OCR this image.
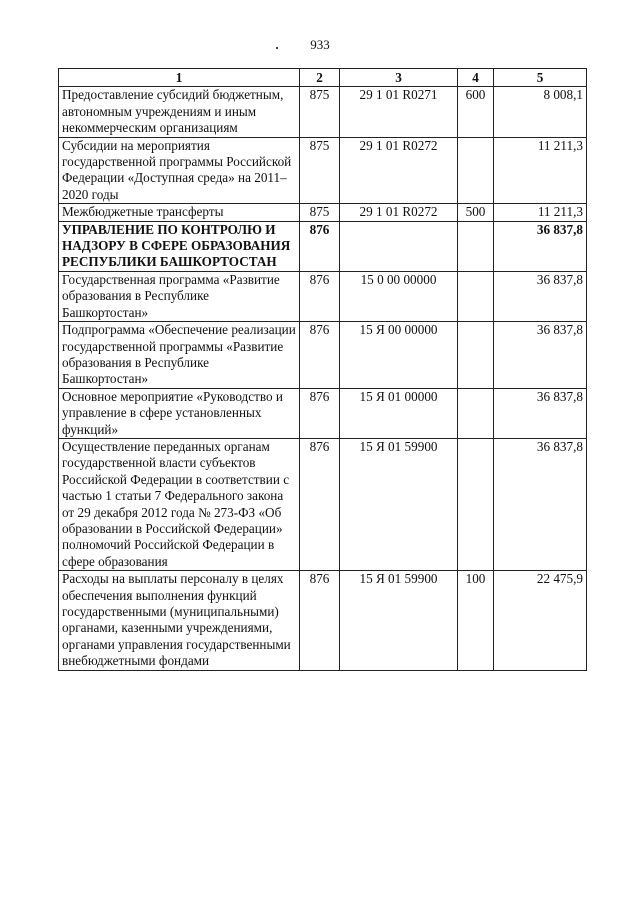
933
1	2	3	4	5
Предоставление субсидий бюджетным, автономным учреждениям и иным некоммерческим организациям	875	29 1 01 R0271	600	8 008,1
Субсидии на мероприятия государственной программы Российской Федерации «Доступная среда» на 2011–2020 годы	875	29 1 01 R0272		11 211,3
Межбюджетные трансферты	875	29 1 01 R0272	500	11 211,3
УПРАВЛЕНИЕ ПО КОНТРОЛЮ И НАДЗОРУ В СФЕРЕ ОБРАЗОВАНИЯ РЕСПУБЛИКИ БАШКОРТОСТАН	876			36 837,8
Государственная программа «Развитие образования в Республике Башкортостан»	876	15 0 00 00000		36 837,8
Подпрограмма «Обеспечение реализации государственной программы «Развитие образования в Республике Башкортостан»	876	15 Я 00 00000		36 837,8
Основное мероприятие «Руководство и управление в сфере установленных функций»	876	15 Я 01 00000		36 837,8
Осуществление переданных органам государственной власти субъектов Российской Федерации в соответствии с частью 1 статьи 7 Федерального закона от 29 декабря 2012 года № 273-ФЗ «Об образовании в Российской Федерации» полномочий Российской Федерации в сфере образования	876	15 Я 01 59900		36 837,8
Расходы на выплаты персоналу в целях обеспечения выполнения функций государственными (муниципальными) органами, казенными учреждениями, органами управления государственными внебюджетными фондами	876	15 Я 01 59900	100	22 475,9
